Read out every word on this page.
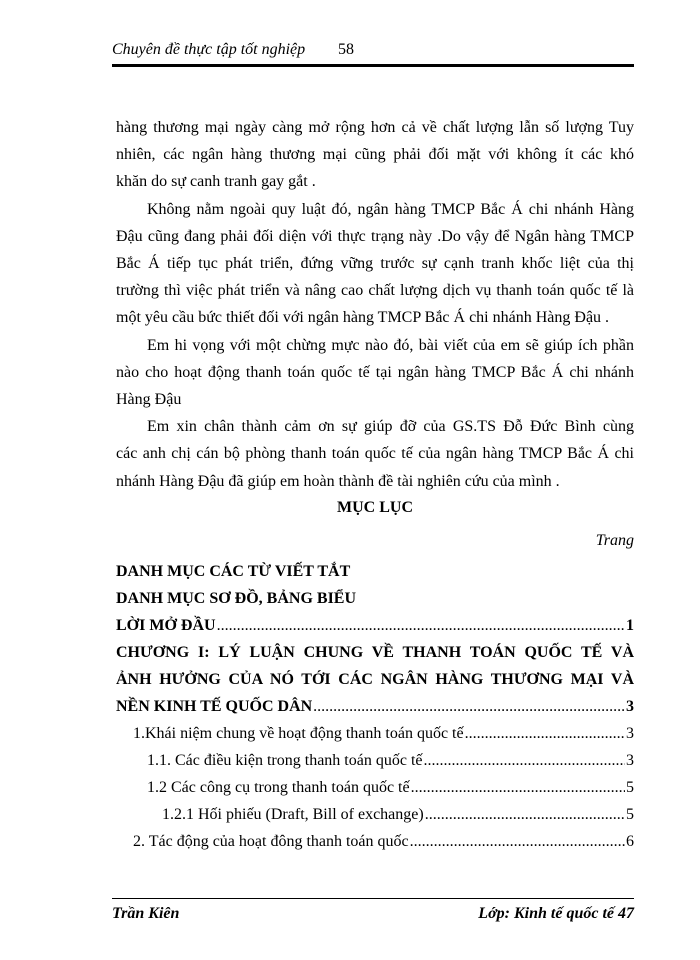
Chuyên đề thực tập tốt nghiệp 58

hàng thương mại ngày càng mở rộng hơn cả về chất lượng lẫn số lượng Tuy
nhiên, các ngân hàng thương mại cũng phải đối mặt với không ít các khó
khăn do sự canh tranh gay gắt .

Không nằm ngoài quy luật đó, ngân hàng TMCP Bắc Á chi nhánh Hàng
Đậu cũng đang phải đối diện với thực trạng này .Do vậy để Ngân hàng TMCP
Bắc Á tiếp tục phát triển, đứng vững trước sự cạnh tranh khốc liệt của thị
trường thì việc phát triển và nâng cao chất lượng dịch vụ thanh toán quốc tế là
một yêu cầu bức thiết đối với ngân hàng TMCP Bắc Á chi nhánh Hàng Đậu .

Em hi vọng với một chừng mực nào đó, bài viết của em sẽ giúp ích phần
nào cho hoạt động thanh toán quốc tế tại ngân hàng TMCP Bắc Á chi nhánh
Hàng Đậu

Em xin chân thành cảm ơn sự giúp đỡ của GS.TS Đỗ Đức Bình cùng
các anh chị cán bộ phòng thanh toán quốc tế của ngân hàng TMCP Bắc Á chi
nhánh Hàng Đậu đã giúp em hoàn thành đề tài nghiên cứu của mình .

MỤC LỤC
Trang
DANH MỤC CÁC TỪ VIẾT TẮT
DANH MỤC SƠ ĐỒ, BẢNG BIỂU
LỜI MỞ ĐẦU .....	1
CHƯƠNG I: LÝ LUẬN CHUNG VỀ THANH TOÁN QUỐC TẾ VÀ
ẢNH HƯỞNG CỦA NÓ TỚI CÁC NGÂN HÀNG THƯƠNG MẠI VÀ
NỀN KINH TẾ QUỐC DÂN .....	3
1.Khái niệm chung về hoạt động thanh toán quốc tế .....	3
1.1. Các điều kiện trong thanh toán quốc tế .....	3
1.2 Các công cụ trong thanh toán quốc tế .....	5
1.2.1 Hối phiếu (Draft, Bill of exchange) .....	5
2. Tác động của hoạt đông thanh toán quốc .....	6
Trần Kiên	Lớp: Kinh tế quốc tế 47
